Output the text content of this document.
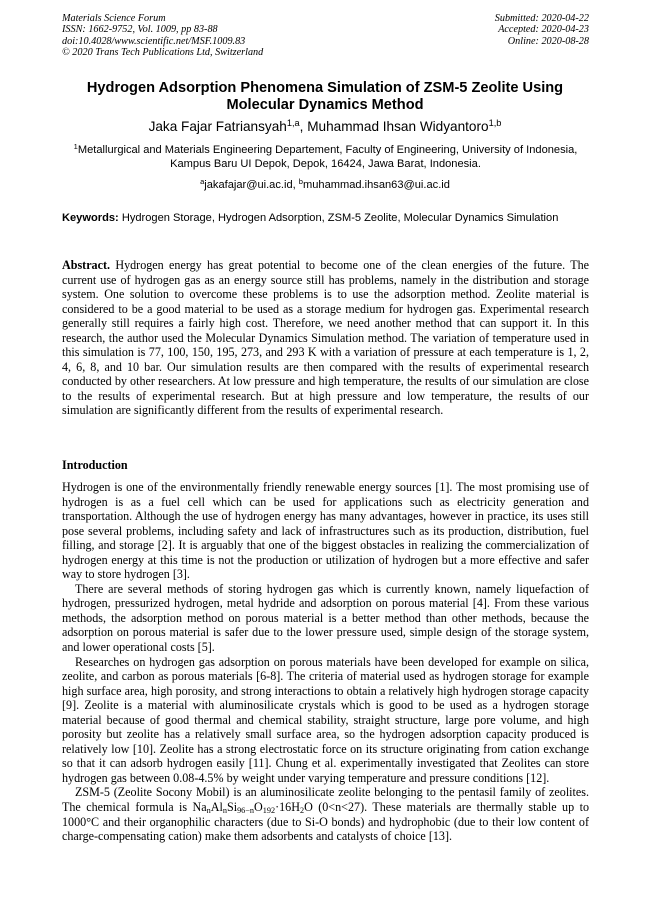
Materials Science Forum
ISSN: 1662-9752, Vol. 1009, pp 83-88
doi:10.4028/www.scientific.net/MSF.1009.83
© 2020 Trans Tech Publications Ltd, Switzerland
Submitted: 2020-04-22
Accepted: 2020-04-23
Online: 2020-08-28
Hydrogen Adsorption Phenomena Simulation of ZSM-5 Zeolite Using
Molecular Dynamics Method
Jaka Fajar Fatriansyah$^{1,a}$, Muhammad Ihsan Widyantoro$^{1,b}$
$^1$Metallurgical and Materials Engineering Departement, Faculty of Engineering, University of Indonesia, Kampus Baru UI Depok, Depok, 16424, Jawa Barat, Indonesia.
$^a$jakafajar@ui.ac.id, $^b$muhammad.ihsan63@ui.ac.id
Keywords: Hydrogen Storage, Hydrogen Adsorption, ZSM-5 Zeolite, Molecular Dynamics Simulation
Abstract. Hydrogen energy has great potential to become one of the clean energies of the future. The current use of hydrogen gas as an energy source still has problems, namely in the distribution and storage system. One solution to overcome these problems is to use the adsorption method. Zeolite material is considered to be a good material to be used as a storage medium for hydrogen gas. Experimental research generally still requires a fairly high cost. Therefore, we need another method that can support it. In this research, the author used the Molecular Dynamics Simulation method. The variation of temperature used in this simulation is 77, 100, 150, 195, 273, and 293 K with a variation of pressure at each temperature is 1, 2, 4, 6, 8, and 10 bar. Our simulation results are then compared with the results of experimental research conducted by other researchers. At low pressure and high temperature, the results of our simulation are close to the results of experimental research. But at high pressure and low temperature, the results of our simulation are significantly different from the results of experimental research.
Introduction

Hydrogen is one of the environmentally friendly renewable energy sources [1]. The most promising use of hydrogen is as a fuel cell which can be used for applications such as electricity generation and transportation. Although the use of hydrogen energy has many advantages, however in practice, its uses still pose several problems, including safety and lack of infrastructures such as its production, distribution, fuel filling, and storage [2]. It is arguably that one of the biggest obstacles in realizing the commercialization of hydrogen energy at this time is not the production or utilization of hydrogen but a more effective and safer way to store hydrogen [3].

There are several methods of storing hydrogen gas which is currently known, namely liquefaction of hydrogen, pressurized hydrogen, metal hydride and adsorption on porous material [4]. From these various methods, the adsorption method on porous material is a better method than other methods, because the adsorption on porous material is safer due to the lower pressure used, simple design of the storage system, and lower operational costs [5].

Researches on hydrogen gas adsorption on porous materials have been developed for example on silica, zeolite, and carbon as porous materials [6-8]. The criteria of material used as hydrogen storage for example high surface area, high porosity, and strong interactions to obtain a relatively high hydrogen storage capacity [9]. Zeolite is a material with aluminosilicate crystals which is good to be used as a hydrogen storage material because of good thermal and chemical stability, straight structure, large pore volume, and high porosity but zeolite has a relatively small surface area, so the hydrogen adsorption capacity produced is relatively low [10]. Zeolite has a strong electrostatic force on its structure originating from cation exchange so that it can adsorb hydrogen easily [11]. Chung et al. experimentally investigated that Zeolites can store hydrogen gas between 0.08-4.5% by weight under varying temperature and pressure conditions [12].

ZSM-5 (Zeolite Socony Mobil) is an aluminosilicate zeolite belonging to the pentasil family of zeolites. The chemical formula is $Na_nAl_nSi_{96-n}O_{192}\cdot 16H_2O$ (0<n<27). These materials are thermally stable up to 1000°C and their organophilic characters (due to Si-O bonds) and hydrophobic (due to their low content of charge-compensating cation) make them adsorbents and catalysts of choice [13].
